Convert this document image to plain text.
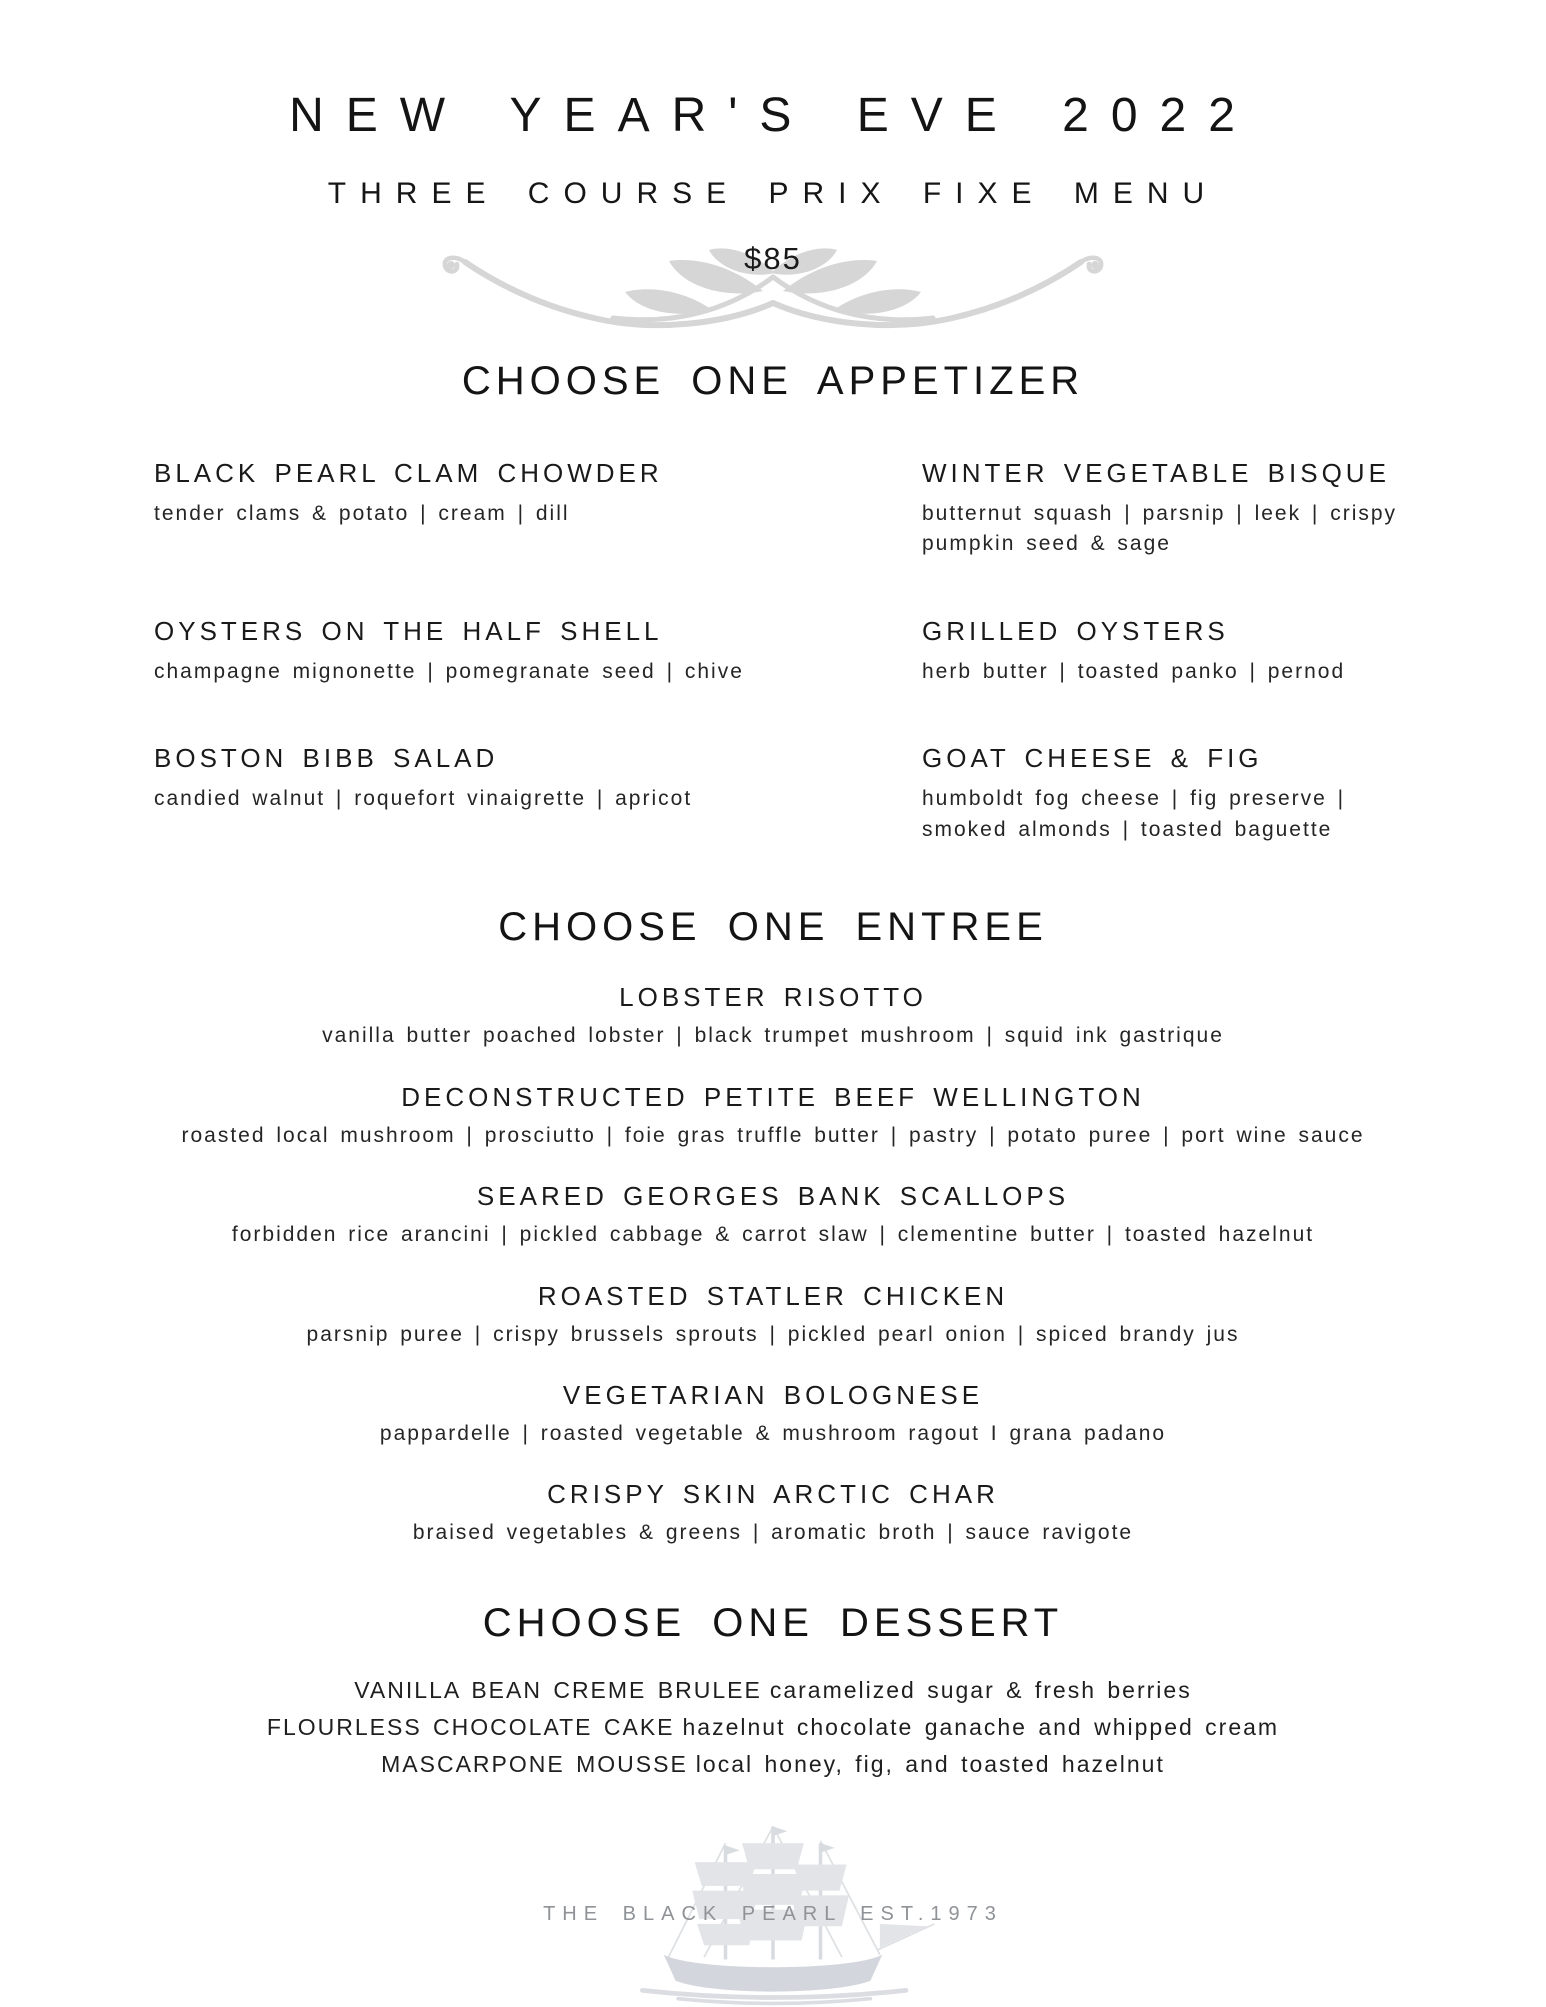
NEW YEAR'S EVE 2022
THREE COURSE PRIX FIXE MENU
$85
CHOOSE ONE APPETIZER
BLACK PEARL CLAM CHOWDER
tender clams & potato | cream | dill
WINTER VEGETABLE BISQUE
butternut squash | parsnip | leek | crispy pumpkin seed & sage
OYSTERS ON THE HALF SHELL
champagne mignonette | pomegranate seed | chive
GRILLED OYSTERS
herb butter | toasted panko | pernod
BOSTON BIBB SALAD
candied walnut | roquefort vinaigrette | apricot
GOAT CHEESE & FIG
humboldt fog cheese | fig preserve | smoked almonds | toasted baguette
CHOOSE ONE ENTREE
LOBSTER RISOTTO
vanilla butter poached lobster | black trumpet mushroom | squid ink gastrique
DECONSTRUCTED PETITE BEEF WELLINGTON
roasted local mushroom | prosciutto | foie gras truffle butter | pastry | potato puree | port wine sauce
SEARED GEORGES BANK SCALLOPS
forbidden rice arancini | pickled cabbage & carrot slaw | clementine butter | toasted hazelnut
ROASTED STATLER CHICKEN
parsnip puree | crispy brussels sprouts | pickled pearl onion | spiced brandy jus
VEGETARIAN BOLOGNESE
pappardelle | roasted vegetable & mushroom ragout I grana padano
CRISPY SKIN ARCTIC CHAR
braised vegetables & greens | aromatic broth | sauce ravigote
CHOOSE ONE DESSERT
VANILLA BEAN CREME BRULEE caramelized sugar & fresh berries
FLOURLESS CHOCOLATE CAKE hazelnut chocolate ganache and whipped cream
MASCARPONE MOUSSE local honey, fig, and toasted hazelnut
THE BLACK PEARL EST.1973
